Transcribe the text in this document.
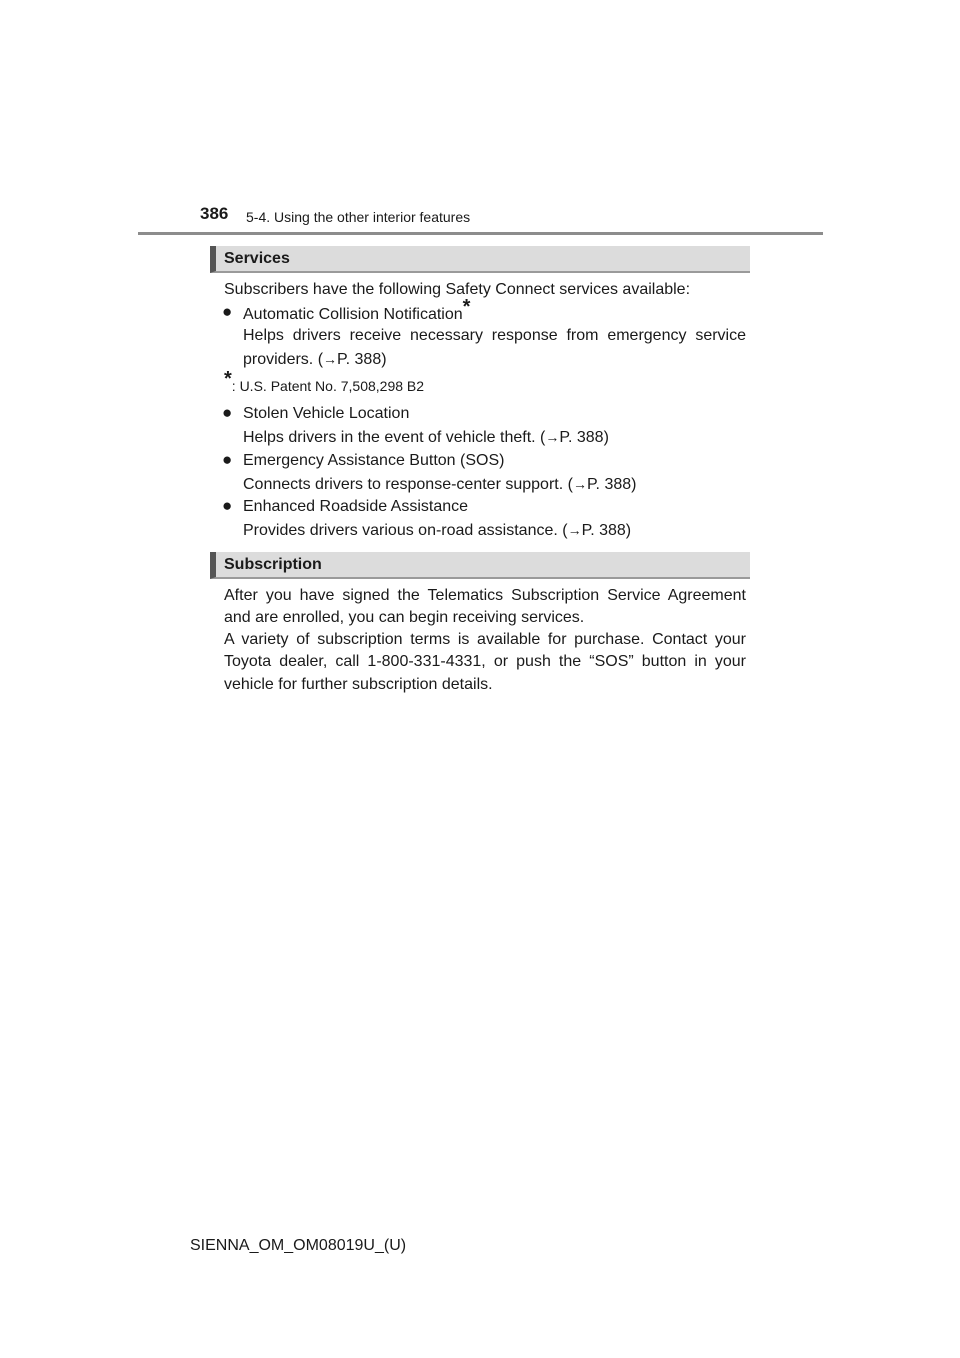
386 5-4. Using the other interior features
Services
Subscribers have the following Safety Connect services available:
● Automatic Collision Notification*
Helps drivers receive necessary response from emergency service
providers. (→P. 388)
*: U.S. Patent No. 7,508,298 B2
● Stolen Vehicle Location
Helps drivers in the event of vehicle theft. (→P. 388)
● Emergency Assistance Button (SOS)
Connects drivers to response-center support. (→P. 388)
● Enhanced Roadside Assistance
Provides drivers various on-road assistance. (→P. 388)
Subscription
After you have signed the Telematics Subscription Service Agreement and are enrolled, you can begin receiving services.
A variety of subscription terms is available for purchase. Contact your Toyota dealer, call 1-800-331-4331, or push the “SOS” button in your vehicle for further subscription details.
SIENNA_OM_OM08019U_(U)
